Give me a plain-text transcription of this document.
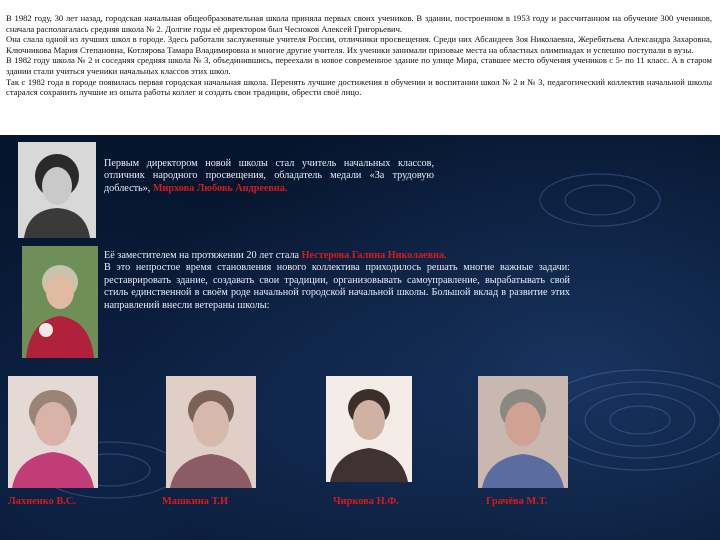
В 1982 году, 30 лет назад, городская начальная общеобразовательная школа приняла первых своих учеников. В здании, построенном в 1953 году и рассчитанном на обучение 300 учеников, сначала располагалась средняя школа № 2. Долгие годы её директором был Чесноков Алексей Григорьевич.

Она слала одной из лучших школ в городе. Здесь работали заслуженные учителя России, отличники просвещения. Среди них Абсандеев Зоя Николаевна, Жеребятьева Александра Захаровна, Ключникова Мария Степановна, Котлярова Тамара Владимировна и многие другие учителя. Их ученики занимали призовые места на областных олимпиадах и успешно поступали в вузы.

В 1982 году школа № 2 и соседняя средняя школа № 3, объединившись, переехали в новое современное здание по улице Мира, ставшее место обучения учеников с 5- по 11 класс. А в старом здании стали учиться ученики начальных классов этих школ.

Так с 1982 года в городе появилась первая городская начальная школа. Перенять лучшие достижения в обучении и воспитании школ № 2 и № 3, педагогический коллектив начальной школы старался сохранить лучшие из опыта работы коллег и создать свои традиции, обрести своё лицо.

Первым директором новой школы стал учитель начальных классов, отличник народного просвещения, обладатель медали «За трудовую доблесть», Мирхова Любовь Андреевна.

Её заместителем на протяжении 20 лет стала Нестерова Галина Николаевна.

В это непростое время становления нового коллектива приходилось решать многие важные задачи: реставрировать здание, создавать свои традиции, организовывать самоуправление, вырабатывать свой стиль единственной в своём роде начальной городской начальной школы. Большой вклад в развитие этих направлений внесли ветераны школы:

Лахненко В.С.	Машкина Т.И	Чиркова Н.Ф.	Грачёва М.Т.
